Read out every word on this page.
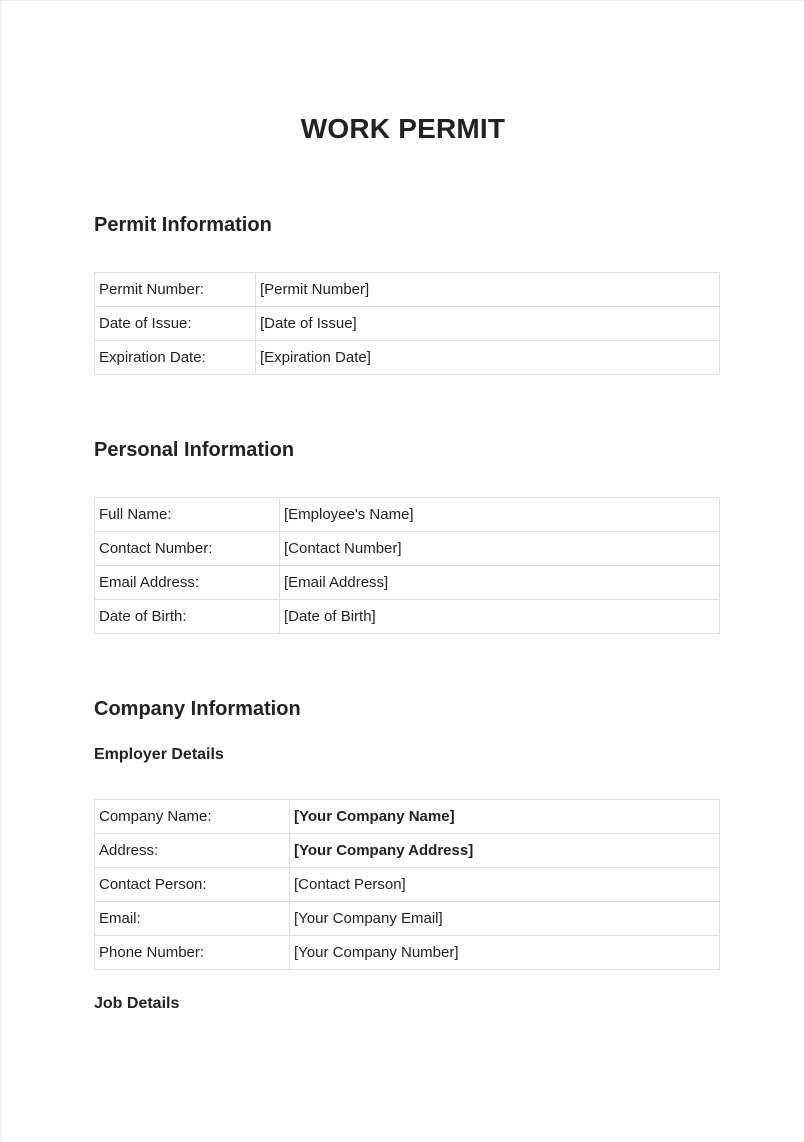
WORK PERMIT
Permit Information
Permit Number:	[Permit Number]
Date of Issue:	[Date of Issue]
Expiration Date:	[Expiration Date]
Personal Information
Full Name:	[Employee's Name]
Contact Number:	[Contact Number]
Email Address:	[Email Address]
Date of Birth:	[Date of Birth]
Company Information
Employer Details
Company Name:	[Your Company Name]
Address:	[Your Company Address]
Contact Person:	[Contact Person]
Email:	[Your Company Email]
Phone Number:	[Your Company Number]
Job Details
